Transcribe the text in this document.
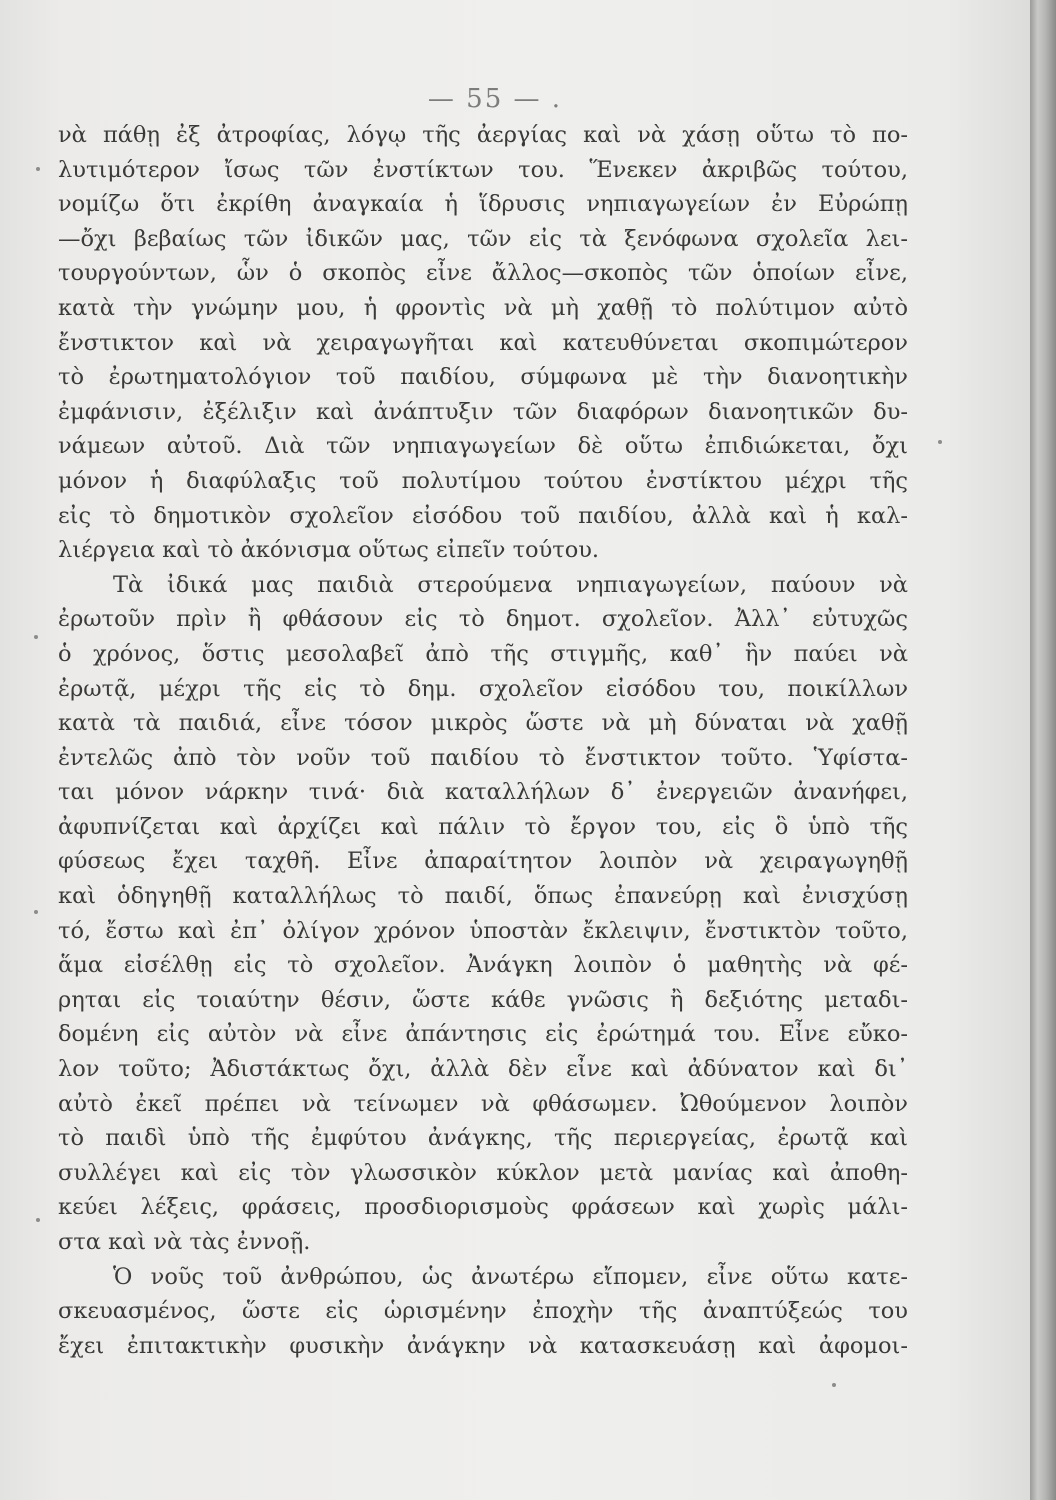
— 55 — .
νὰ πάθῃ ἐξ ἀτροφίας, λόγῳ τῆς ἀεργίας καὶ νὰ χάσῃ οὕτω τὸ πο-
λυτιμότερον ἴσως τῶν ἐνστίκτων του. Ἕνεκεν ἀκριβῶς τούτου,
νομίζω ὅτι ἐκρίθη ἀναγκαία ἡ ἵδρυσις νηπιαγωγείων ἐν Εὐρώπῃ
—ὄχι βεβαίως τῶν ἰδικῶν μας, τῶν εἰς τὰ ξενόφωνα σχολεῖα λει-
τουργούντων, ὧν ὁ σκοπὸς εἶνε ἄλλος—σκοπὸς τῶν ὁποίων εἶνε,
κατὰ τὴν γνώμην μου, ἡ φροντὶς νὰ μὴ χαθῇ τὸ πολύτιμον αὐτὸ
ἔνστικτον καὶ νὰ χειραγωγῆται καὶ κατευθύνεται σκοπιμώτερον
τὸ ἐρωτηματολόγιον τοῦ παιδίου, σύμφωνα μὲ τὴν διανοητικὴν
ἐμφάνισιν, ἐξέλιξιν καὶ ἀνάπτυξιν τῶν διαφόρων διανοητικῶν δυ-
νάμεων αὐτοῦ. Διὰ τῶν νηπιαγωγείων δὲ οὕτω ἐπιδιώκεται, ὄχι
μόνον ἡ διαφύλαξις τοῦ πολυτίμου τούτου ἐνστίκτου μέχρι τῆς
εἰς τὸ δημοτικὸν σχολεῖον εἰσόδου τοῦ παιδίου, ἀλλὰ καὶ ἡ καλ-
λιέργεια καὶ τὸ ἀκόνισμα οὕτως εἰπεῖν τούτου.
Τὰ ἰδικά μας παιδιὰ στερούμενα νηπιαγωγείων, παύουν νὰ
ἐρωτοῦν πρὶν ἢ φθάσουν εἰς τὸ δημοτ. σχολεῖον. Ἀλλ᾽ εὐτυχῶς
ὁ χρόνος, ὅστις μεσολαβεῖ ἀπὸ τῆς στιγμῆς, καθ᾽ ἣν παύει νὰ
ἐρωτᾷ, μέχρι τῆς εἰς τὸ δημ. σχολεῖον εἰσόδου του, ποικίλλων
κατὰ τὰ παιδιά, εἶνε τόσον μικρὸς ὥστε νὰ μὴ δύναται νὰ χαθῇ
ἐντελῶς ἀπὸ τὸν νοῦν τοῦ παιδίου τὸ ἔνστικτον τοῦτο. Ὑφίστα-
ται μόνον νάρκην τινά· διὰ καταλλήλων δ᾽ ἐνεργειῶν ἀνανήφει,
ἀφυπνίζεται καὶ ἀρχίζει καὶ πάλιν τὸ ἔργον του, εἰς ὃ ὑπὸ τῆς
φύσεως ἔχει ταχθῆ. Εἶνε ἀπαραίτητον λοιπὸν νὰ χειραγωγηθῇ
καὶ ὁδηγηθῇ καταλλήλως τὸ παιδί, ὅπως ἐπανεύρῃ καὶ ἐνισχύσῃ
τό, ἔστω καὶ ἐπ᾽ ὀλίγον χρόνον ὑποστὰν ἔκλειψιν, ἔνστικτὸν τοῦτο,
ἅμα εἰσέλθῃ εἰς τὸ σχολεῖον. Ἀνάγκη λοιπὸν ὁ μαθητὴς νὰ φέ-
ρηται εἰς τοιαύτην θέσιν, ὥστε κάθε γνῶσις ἢ δεξιότης μεταδι-
δομένη εἰς αὐτὸν νὰ εἶνε ἀπάντησις εἰς ἐρώτημά του. Εἶνε εὔκο-
λον τοῦτο; Ἀδιστάκτως ὄχι, ἀλλὰ δὲν εἶνε καὶ ἀδύνατον καὶ δι᾽
αὐτὸ ἐκεῖ πρέπει νὰ τείνωμεν νὰ φθάσωμεν. Ὠθούμενον λοιπὸν
τὸ παιδὶ ὑπὸ τῆς ἐμφύτου ἀνάγκης, τῆς περιεργείας, ἐρωτᾷ καὶ
συλλέγει καὶ εἰς τὸν γλωσσικὸν κύκλον μετὰ μανίας καὶ ἀποθη-
κεύει λέξεις, φράσεις, προσδιορισμοὺς φράσεων καὶ χωρὶς μάλι-
στα καὶ νὰ τὰς ἐννοῇ.
Ὁ νοῦς τοῦ ἀνθρώπου, ὡς ἀνωτέρω εἴπομεν, εἶνε οὕτω κατε-
σκευασμένος, ὥστε εἰς ὡρισμένην ἐποχὴν τῆς ἀναπτύξεώς του
ἔχει ἐπιτακτικὴν φυσικὴν ἀνάγκην νὰ κατασκευάσῃ καὶ ἀφομοι-
